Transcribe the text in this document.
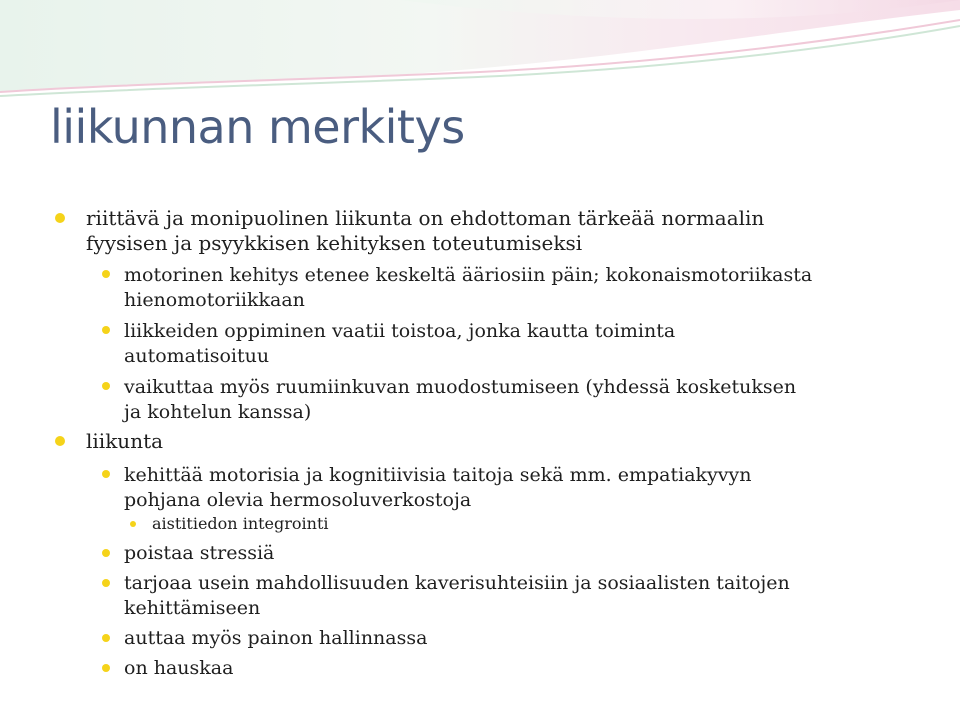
liikunnan merkitys
riittävä ja monipuolinen liikunta on ehdottoman tärkeää normaalin
fyysisen ja psyykkisen kehityksen toteutumiseksi
motorinen kehitys etenee keskeltä ääriosiin päin; kokonaismotoriikasta
hienomotoriikkaan
liikkeiden oppiminen vaatii toistoa, jonka kautta toiminta
automatisoituu
vaikuttaa myös ruumiinkuvan muodostumiseen (yhdessä kosketuksen
ja kohtelun kanssa)
liikunta
kehittää motorisia ja kognitiivisia taitoja sekä mm. empatiakyvyn
pohjana olevia hermosoluverkostoja
aistitiedon integrointi
poistaa stressiä
tarjoaa usein mahdollisuuden kaverisuhteisiin ja sosiaalisten taitojen
kehittämiseen
auttaa myös painon hallinnassa
on hauskaa
